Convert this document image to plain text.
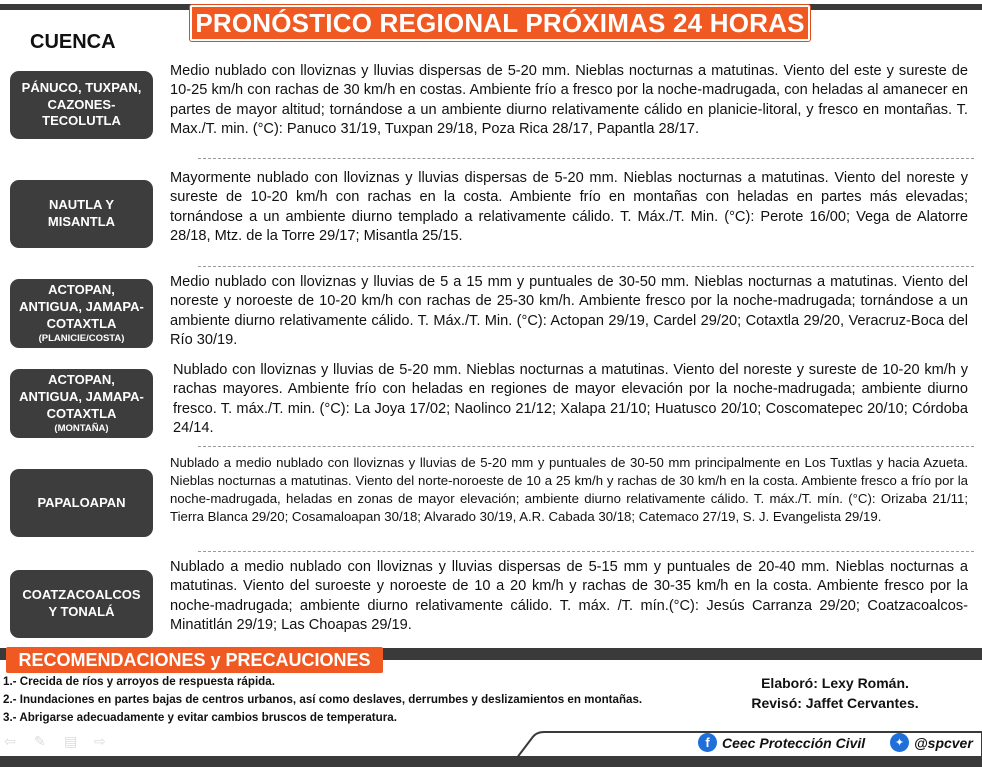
PRONÓSTICO REGIONAL PRÓXIMAS 24 HORAS
CUENCA
PÁNUCO, TUXPAN,
CAZONES-
TECOLUTLA
Medio nublado con lloviznas y lluvias dispersas de 5-20 mm. Nieblas nocturnas a matutinas. Viento del este y sureste de 10-25 km/h con rachas de 30 km/h en costas. Ambiente frío a fresco por la noche-madrugada, con heladas al amanecer en partes de mayor altitud; tornándose a un ambiente diurno relativamente cálido en planicie-litoral, y fresco en montañas. T. Max./T. min. (°C): Panuco 31/19, Tuxpan 29/18, Poza Rica 28/17, Papantla 28/17.
NAUTLA Y
MISANTLA
Mayormente nublado con lloviznas y lluvias dispersas de 5-20 mm. Nieblas nocturnas a matutinas. Viento del noreste y sureste de 10-20 km/h con rachas en la costa. Ambiente frío en montañas con heladas en partes más elevadas; tornándose a un ambiente diurno templado a relativamente cálido. T. Máx./T. Min. (°C): Perote 16/00; Vega de Alatorre 28/18, Mtz. de la Torre 29/17; Misantla 25/15.
ACTOPAN,
ANTIGUA, JAMAPA-
COTAXTLA
(PLANICIE/COSTA)
Medio nublado con lloviznas y lluvias de 5 a 15 mm y puntuales de 30-50 mm. Nieblas nocturnas a matutinas. Viento del noreste y noroeste de 10-20 km/h con rachas de 25-30 km/h. Ambiente fresco por la noche-madrugada; tornándose a un ambiente diurno relativamente cálido. T. Máx./T. Min. (°C): Actopan 29/19, Cardel 29/20; Cotaxtla 29/20, Veracruz-Boca del Río 30/19.
ACTOPAN,
ANTIGUA, JAMAPA-
COTAXTLA
(MONTAÑA)
Nublado con lloviznas y lluvias de 5-20 mm. Nieblas nocturnas a matutinas. Viento del noreste y sureste de 10-20 km/h y rachas mayores. Ambiente frío con heladas en regiones de mayor elevación por la noche-madrugada; ambiente diurno fresco. T. máx./T. min. (°C): La Joya 17/02; Naolinco 21/12; Xalapa 21/10; Huatusco 20/10; Coscomatepec 20/10; Córdoba 24/14.
PAPALOAPAN
Nublado a medio nublado con lloviznas y lluvias de 5-20 mm y puntuales de 30-50 mm principalmente en Los Tuxtlas y hacia Azueta. Nieblas nocturnas a matutinas. Viento del norte-noroeste de 10 a 25 km/h y rachas de 30 km/h en la costa. Ambiente fresco a frío por la noche-madrugada, heladas en zonas de mayor elevación; ambiente diurno relativamente cálido. T. máx./T. mín. (°C): Orizaba 21/11; Tierra Blanca 29/20; Cosamaloapan 30/18; Alvarado 30/19, A.R. Cabada 30/18; Catemaco 27/19, S. J. Evangelista 29/19.
COATZACOALCOS
Y TONALÁ
Nublado a medio nublado con lloviznas y lluvias dispersas de 5-15 mm y puntuales de 20-40 mm. Nieblas nocturnas a matutinas. Viento del suroeste y noroeste de 10 a 20 km/h y rachas de 30-35 km/h en la costa. Ambiente fresco por la noche-madrugada; ambiente diurno relativamente cálido. T. máx. /T. mín.(°C): Jesús Carranza 29/20; Coatzacoalcos-Minatitlán 29/19; Las Choapas 29/19.
RECOMENDACIONES y PRECAUCIONES
1.- Crecida de ríos y arroyos de respuesta rápida.
2.- Inundaciones en partes bajas de centros urbanos, así como deslaves, derrumbes y deslizamientos en montañas.
3.- Abrigarse adecuadamente y evitar cambios bruscos de temperatura.
Elaboró: Lexy Román.
Revisó: Jaffet Cervantes.
⇦	✎	▤	⇨	f Ceec Protección Civil	✦ @spcver
